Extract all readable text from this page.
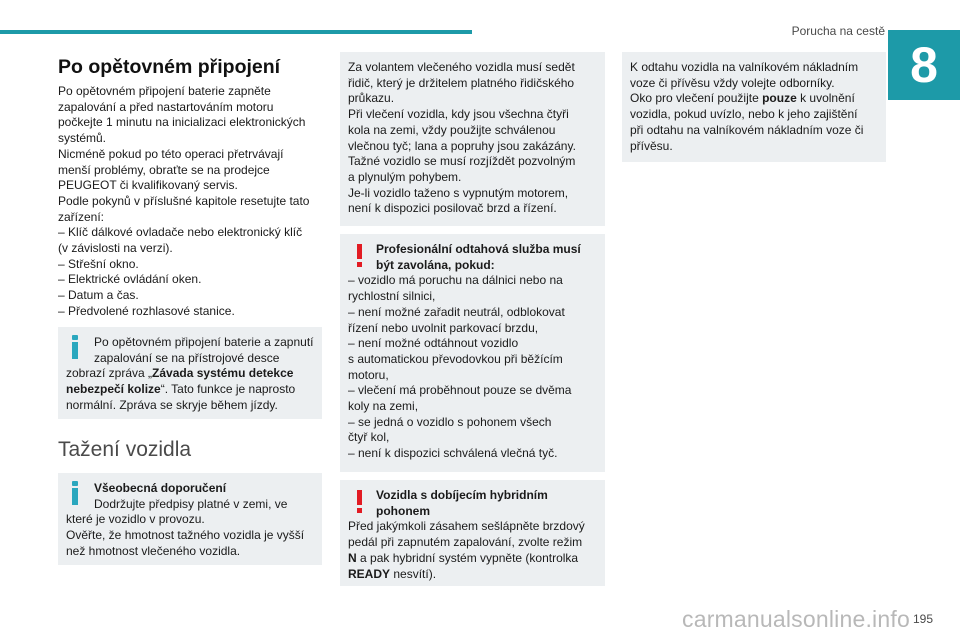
Porucha na cestě
8
Po opětovném připojení
Po opětovném připojení baterie zapněte
zapalování a před nastartováním motoru
počkejte 1 minutu na inicializaci elektronických
systémů.
Nicméně pokud po této operaci přetrvávají
menší problémy, obraťte se na prodejce
PEUGEOT či kvalifikovaný servis.
Podle pokynů v příslušné kapitole resetujte tato
zařízení:
– Klíč dálkové ovladače nebo elektronický klíč
(v závislosti na verzi).
– Střešní okno.
– Elektrické ovládání oken.
– Datum a čas.
– Předvolené rozhlasové stanice.
Po opětovném připojení baterie a zapnutí
zapalování se na přístrojové desce
zobrazí zpráva „Závada systému detekce
nebezpečí kolize“. Tato funkce je naprosto
normální. Zpráva se skryje během jízdy.
Tažení vozidla
Všeobecná doporučení
Dodržujte předpisy platné v zemi, ve
které je vozidlo v provozu.
Ověřte, že hmotnost tažného vozidla je vyšší
než hmotnost vlečeného vozidla.
Za volantem vlečeného vozidla musí sedět
řidič, který je držitelem platného řidičského
průkazu.
Při vlečení vozidla, kdy jsou všechna čtyři
kola na zemi, vždy použijte schválenou
vlečnou tyč; lana a popruhy jsou zakázány.
Tažné vozidlo se musí rozjíždět pozvolným
a plynulým pohybem.
Je-li vozidlo taženo s vypnutým motorem,
není k dispozici posilovač brzd a řízení.
Profesionální odtahová služba musí
být zavolána, pokud:
– vozidlo má poruchu na dálnici nebo na
rychlostní silnici,
– není možné zařadit neutrál, odblokovat
řízení nebo uvolnit parkovací brzdu,
– není možné odtáhnout vozidlo
s automatickou převodovkou při běžícím
motoru,
– vlečení má proběhnout pouze se dvěma
koly na zemi,
– se jedná o vozidlo s pohonem všech
čtyř kol,
– není k dispozici schválená vlečná tyč.
Vozidla s dobíjecím hybridním
pohonem
Před jakýmkoli zásahem sešlápněte brzdový
pedál při zapnutém zapalování, zvolte režim
N a pak hybridní systém vypněte (kontrolka
READY nesvítí).
K odtahu vozidla na valníkovém nákladním
voze či přívěsu vždy volejte odborníky.
Oko pro vlečení použijte pouze k uvolnění
vozidla, pokud uvízlo, nebo k jeho zajištění
při odtahu na valníkovém nákladním voze či
přívěsu.
195
carmanualsonline.info
